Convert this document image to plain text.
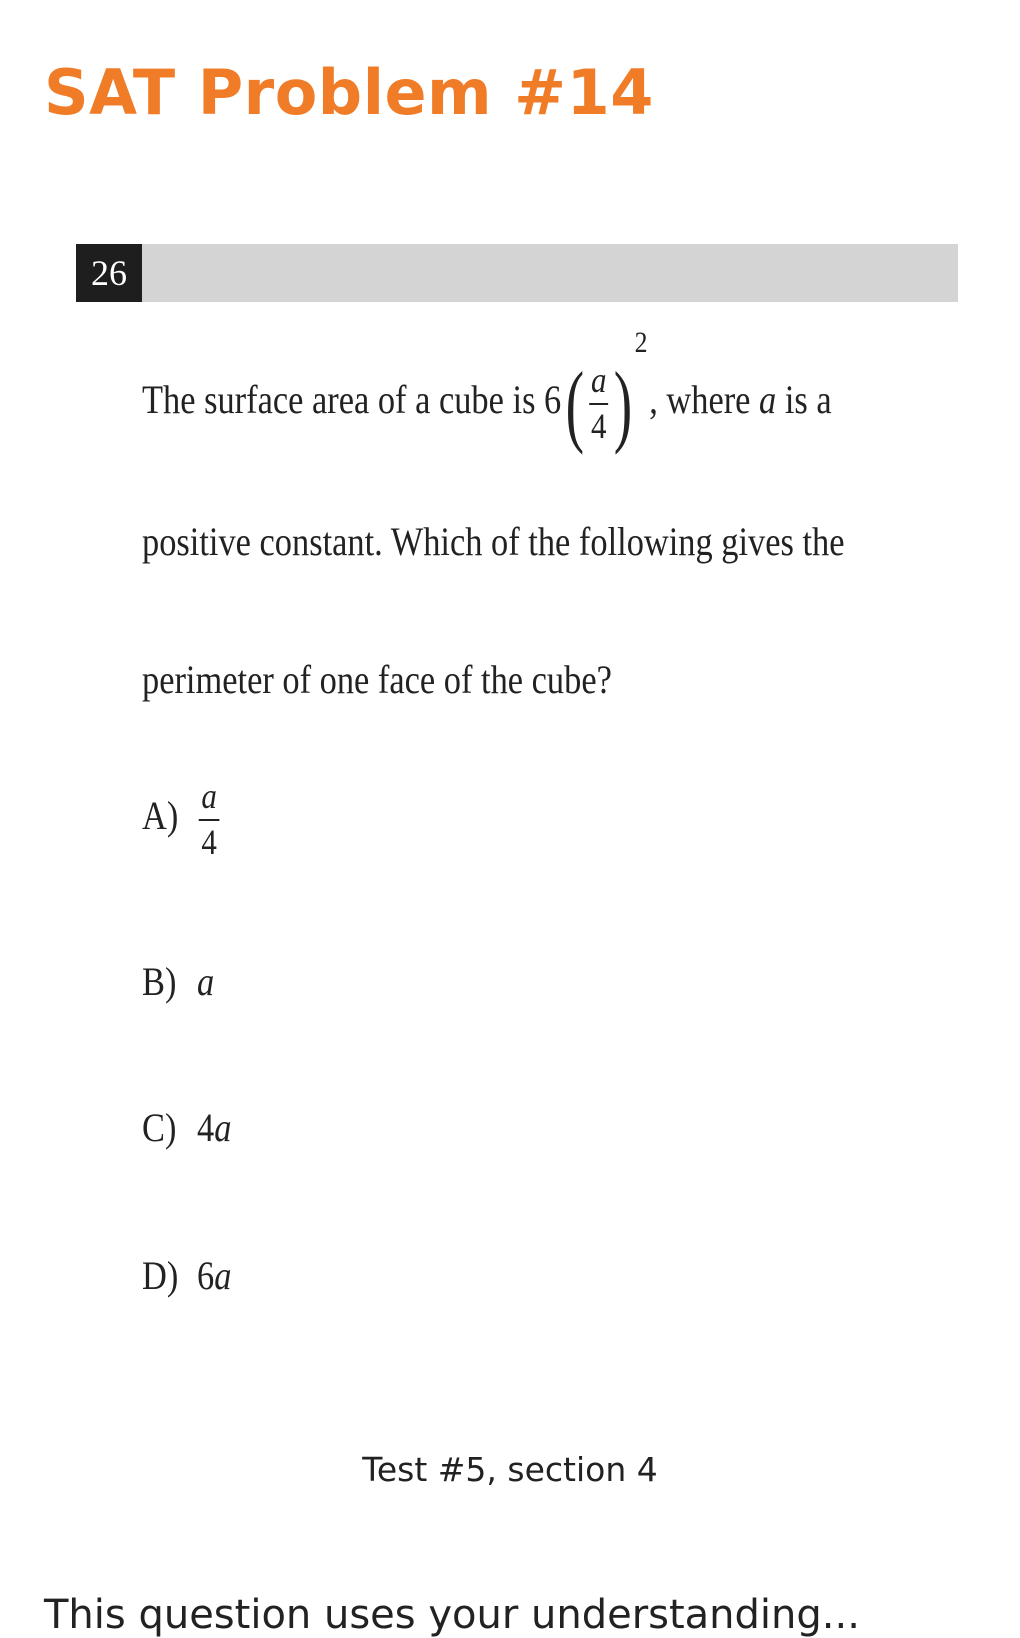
SAT Problem #14
26
The surface area of a cube is $6( \frac{a}{4} )^2$, where a is a
positive constant. Which of the following gives the
perimeter of one face of the cube?
$A) \frac{a}{4}$
B) a
C) 4a
D) 6a
Test #5, section 4
This question uses your understanding...
